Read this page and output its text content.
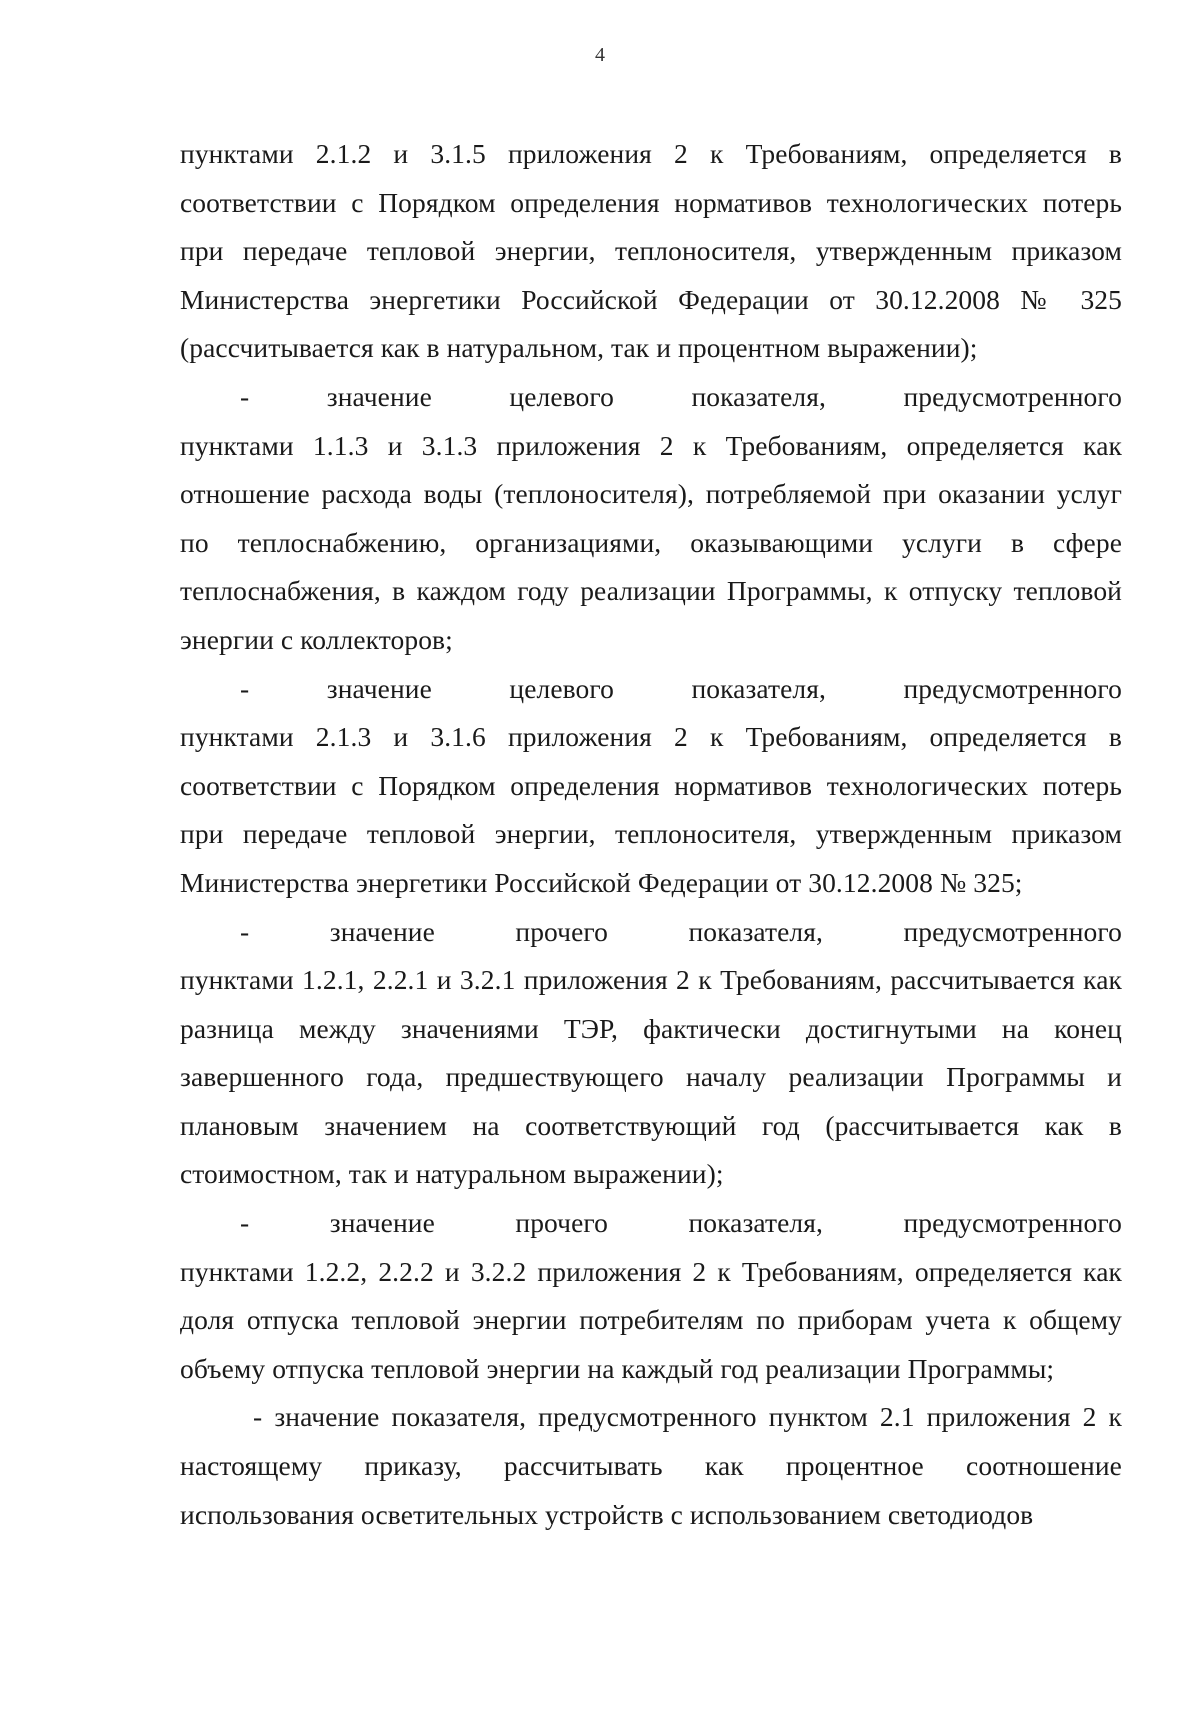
4

пунктами 2.1.2 и 3.1.5 приложения 2 к Требованиям, определяется в соответствии с Порядком определения нормативов технологических потерь при передаче тепловой энергии, теплоносителя, утвержденным приказом Министерства энергетики Российской Федерации от 30.12.2008 № 325 (рассчитывается как в натуральном, так и процентном выражении);

-	значение	целевого	показателя,	предусмотренного

пунктами 1.1.3 и 3.1.3 приложения 2 к Требованиям, определяется как отношение расхода воды (теплоносителя), потребляемой при оказании услуг по теплоснабжению, организациями, оказывающими услуги в сфере теплоснабжения, в каждом году реализации Программы, к отпуску тепловой энергии с коллекторов;

-	значение	целевого	показателя,	предусмотренного

пунктами 2.1.3 и 3.1.6 приложения 2 к Требованиям, определяется в соответствии с Порядком определения нормативов технологических потерь при передаче тепловой энергии, теплоносителя, утвержденным приказом Министерства энергетики Российской Федерации от 30.12.2008 № 325;

-	значение	прочего	показателя,	предусмотренного

пунктами 1.2.1, 2.2.1 и 3.2.1 приложения 2 к Требованиям, рассчитывается как разница между значениями ТЭР, фактически достигнутыми на конец завершенного года, предшествующего началу реализации Программы и плановым значением на соответствующий год (рассчитывается как в стоимостном, так и натуральном выражении);

-	значение	прочего	показателя,	предусмотренного

пунктами 1.2.2, 2.2.2 и 3.2.2 приложения 2 к Требованиям, определяется как доля отпуска тепловой энергии потребителям по приборам учета к общему объему отпуска тепловой энергии на каждый год реализации Программы;

- значение показателя, предусмотренного пунктом 2.1 приложения 2 к настоящему приказу, рассчитывать как процентное соотношение использования осветительных устройств с использованием светодиодов
